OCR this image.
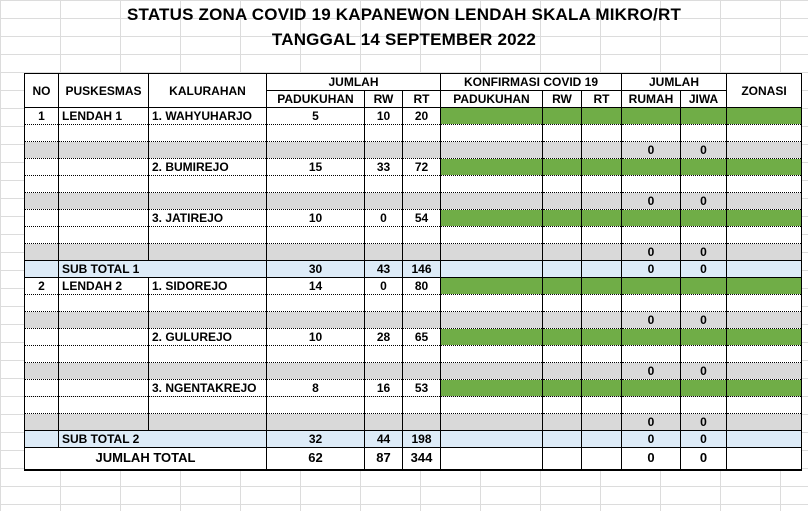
STATUS ZONA COVID 19 KAPANEWON LENDAH SKALA MIKRO/RT
TANGGAL 14 SEPTEMBER 2022
NO	PUSKESMAS	KALURAHAN	JUMLAH			KONFIRMASI COVID 19			JUMLAH		ZONASI
			PADUKUHAN	RW	RT	PADUKUHAN	RW	RT	RUMAH	JIWA	
1	LENDAH 1	1. WAHYUHARJO	5	10	20						

									0	0	
		2. BUMIREJO	15	33	72						

									0	0	
		3. JATIREJO	10	0	54						

									0	0	
	SUB TOTAL 1		30	43	146				0	0	
2	LENDAH 2	1. SIDOREJO	14	0	80						

									0	0	
		2. GULUREJO	10	28	65						

									0	0	
		3. NGENTAKREJO	8	16	53						

									0	0	
	SUB TOTAL 2		32	44	198				0	0	
JUMLAH TOTAL			62	87	344				0	0	
